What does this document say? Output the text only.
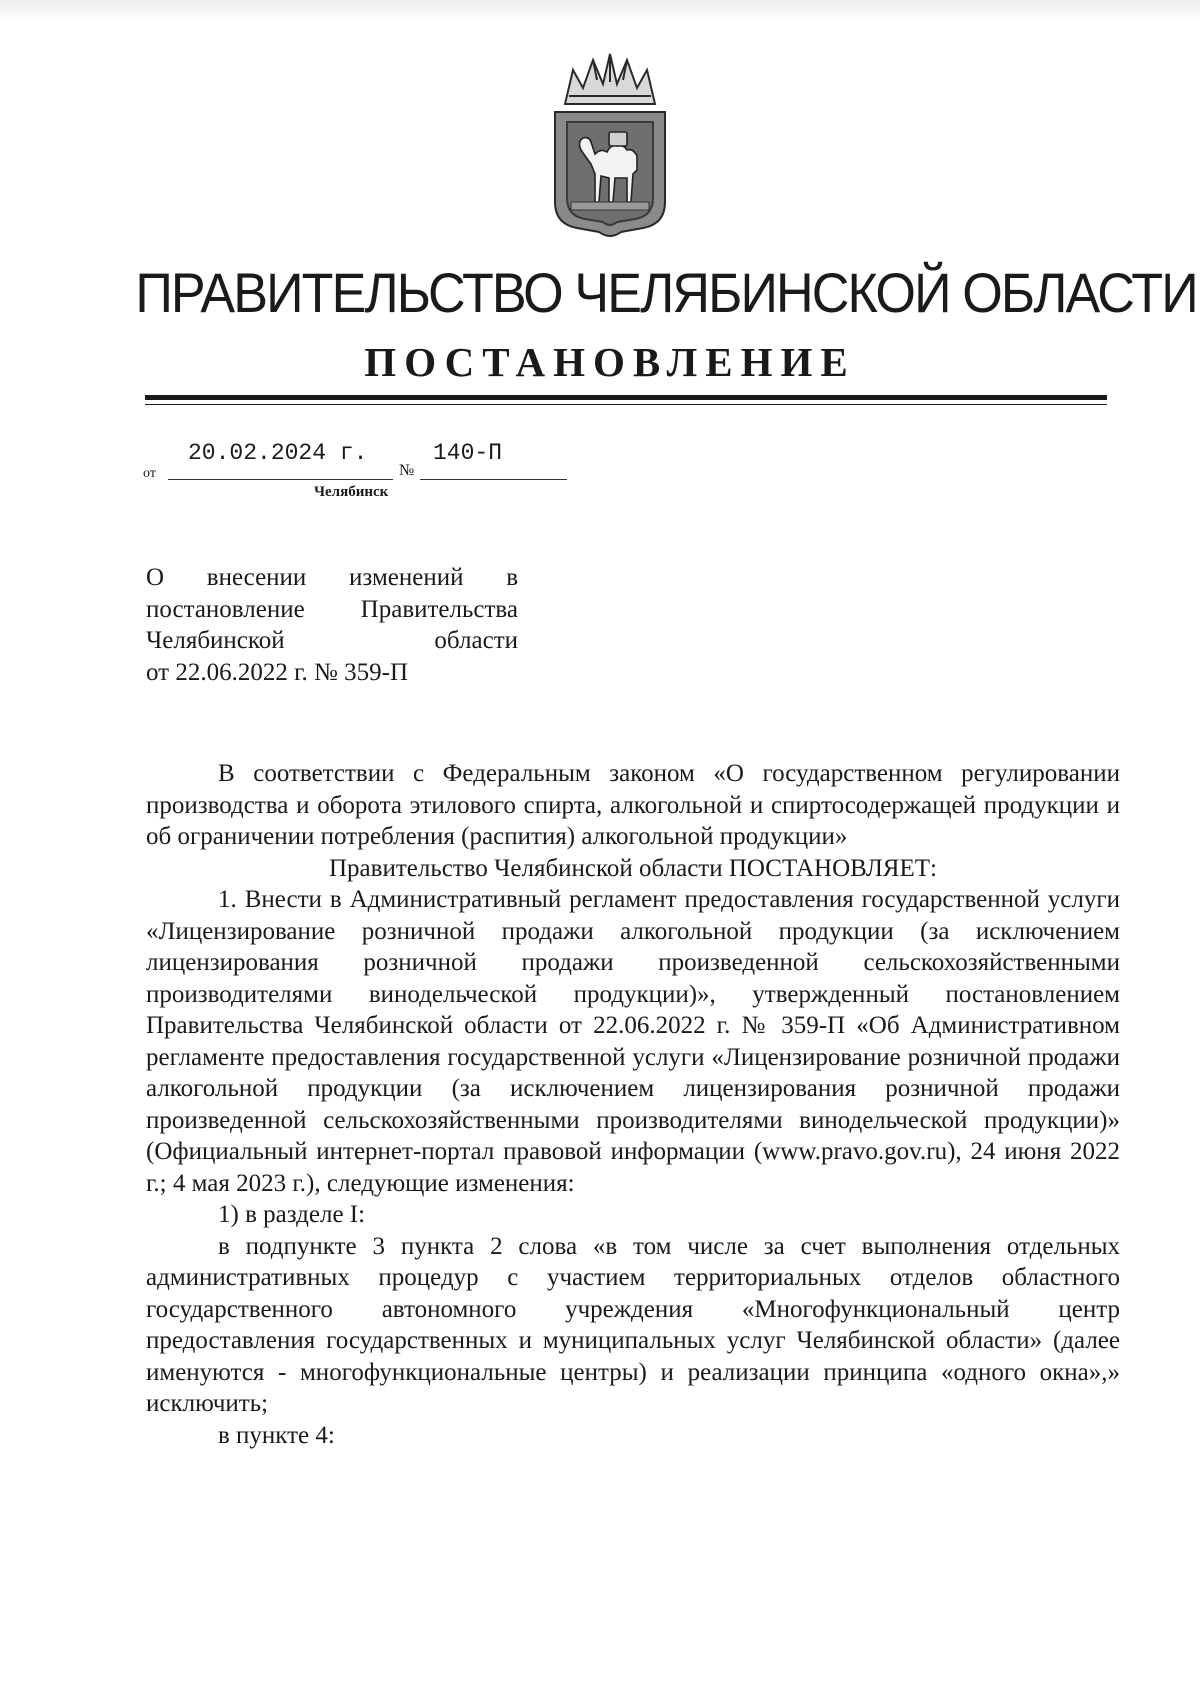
ПРАВИТЕЛЬСТВО ЧЕЛЯБИНСКОЙ ОБЛАСТИ
ПОСТАНОВЛЕНИЕ
от
20.02.2024 г.
№
140-П
Челябинск
О внесении изменений в
постановление Правительства
Челябинской области
от 22.06.2022 г. № 359-П

В соответствии с Федеральным законом «О государственном регулировании производства и оборота этилового спирта, алкогольной и спиртосодержащей продукции и об ограничении потребления (распития) алкогольной продукции»

Правительство Челябинской области ПОСТАНОВЛЯЕТ:

1. Внести в Административный регламент предоставления государственной услуги «Лицензирование розничной продажи алкогольной продукции (за исключением лицензирования розничной продажи произведенной сельскохозяйственными производителями винодельческой продукции)», утвержденный постановлением Правительства Челябинской области от 22.06.2022 г. № 359-П «Об Административном регламенте предоставления государственной услуги «Лицензирование розничной продажи алкогольной продукции (за исключением лицензирования розничной продажи произведенной сельскохозяйственными производителями винодельческой продукции)» (Официальный интернет-портал правовой информации (www.pravo.gov.ru), 24 июня 2022 г.; 4 мая 2023 г.), следующие изменения:

1) в разделе I:

в подпункте 3 пункта 2 слова «в том числе за счет выполнения отдельных административных процедур с участием территориальных отделов областного государственного автономного учреждения «Многофункциональный центр предоставления государственных и муниципальных услуг Челябинской области» (далее именуются - многофункциональные центры) и реализации принципа «одного окна»,» исключить;

в пункте 4:
